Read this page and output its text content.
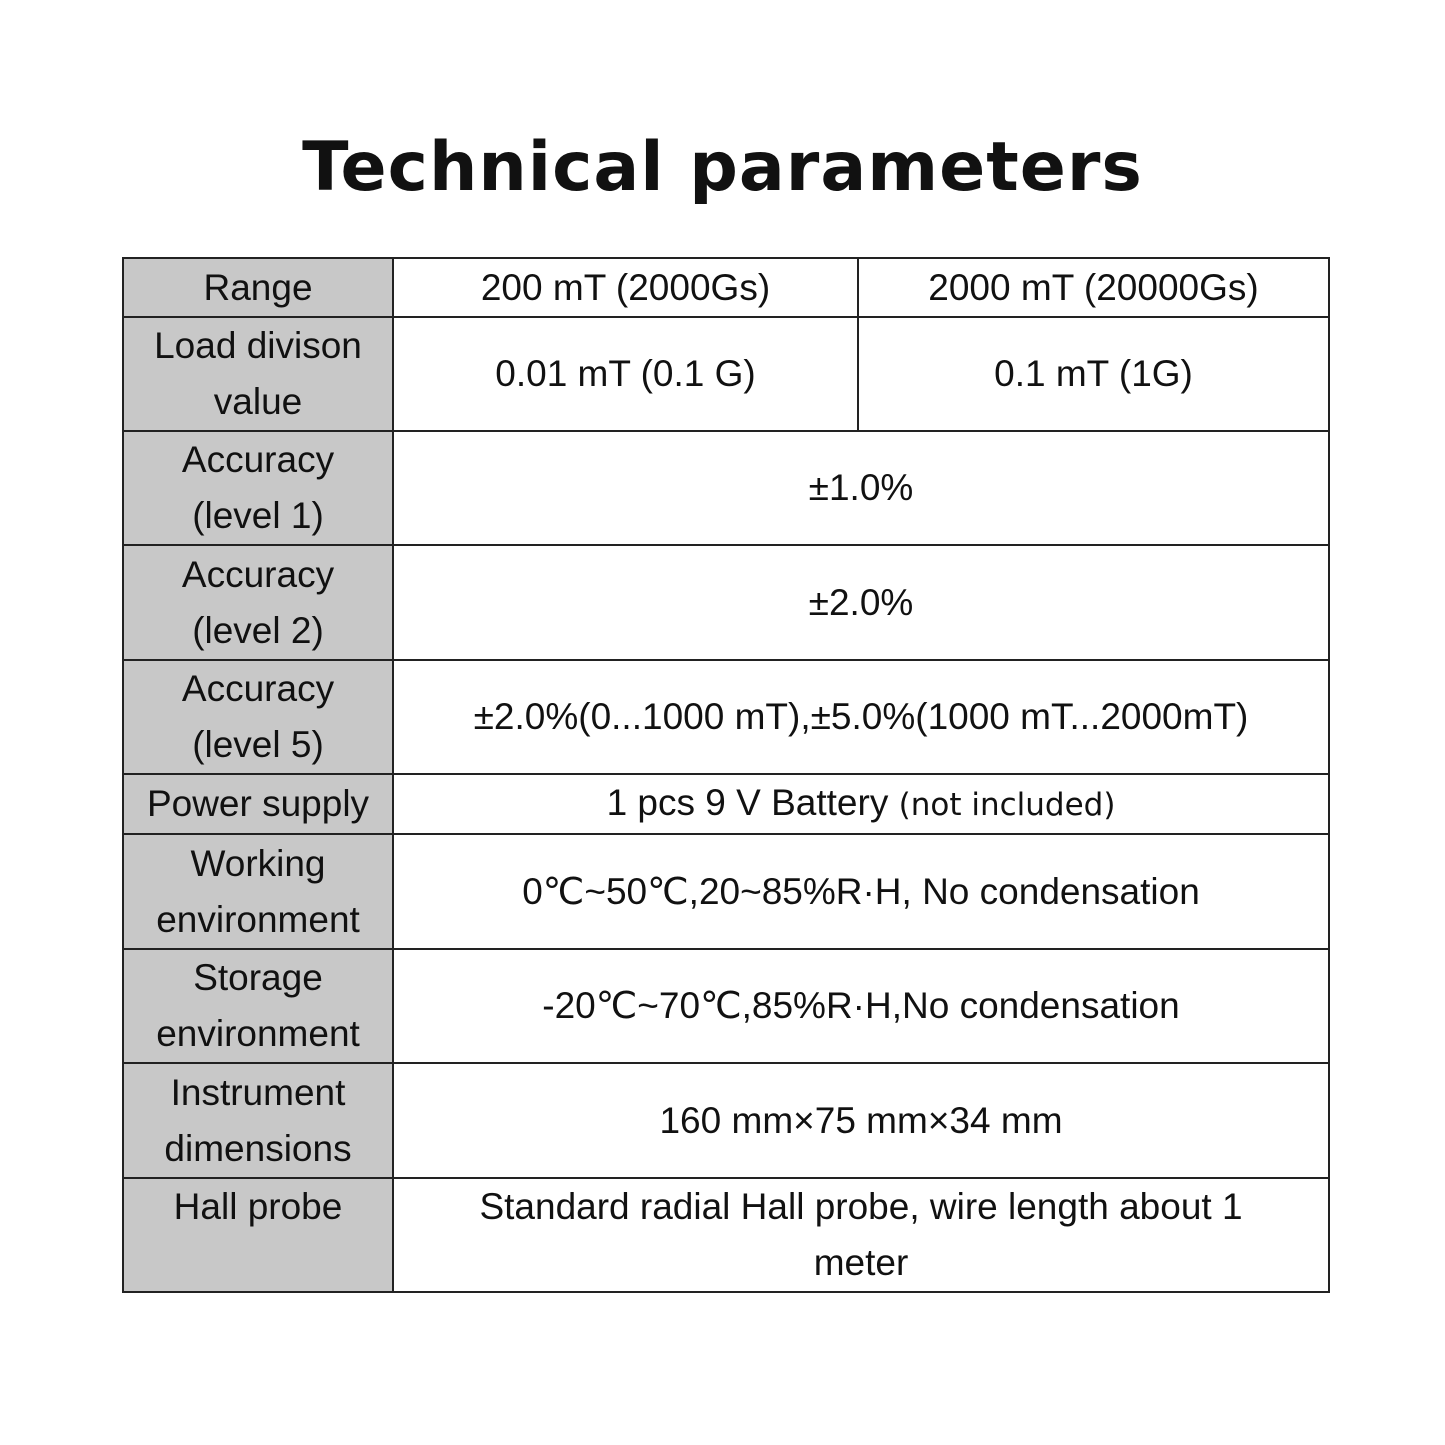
Technical parameters
Range	200 mT (2000Gs)	2000 mT (20000Gs)
Load divison
value	0.01 mT (0.1 G)	0.1 mT (1G)
Accuracy
(level 1)	±1.0%	
Accuracy
(level 2)	±2.0%	
Accuracy
(level 5)	±2.0%(0...1000 mT),±5.0%(1000 mT...2000mT)	
Power supply	1 pcs 9 V Battery (not included)	
Working
environment	0℃~50℃,20~85%R·H, No condensation	
Storage
environment	-20℃~70℃,85%R·H,No condensation	
Instrument
dimensions	160 mm×75 mm×34 mm	
Hall probe	Standard radial Hall probe, wire length about 1
meter	
